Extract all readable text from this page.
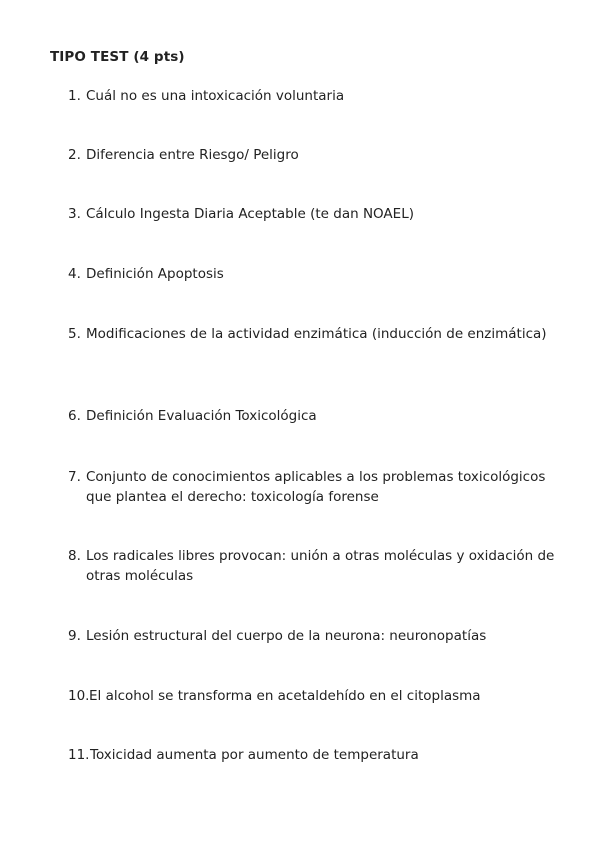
TIPO TEST (4 pts)
1. Cuál no es una intoxicación voluntaria
2. Diferencia entre Riesgo/ Peligro
3. Cálculo Ingesta Diaria Aceptable (te dan NOAEL)
4. Definición Apoptosis
5. Modificaciones de la actividad enzimática (inducción de enzimática)
6. Definición Evaluación Toxicológica
7. Conjunto de conocimientos aplicables a los problemas toxicológicos que plantea el derecho: toxicología forense
8. Los radicales libres provocan: unión a otras moléculas y oxidación de otras moléculas
9. Lesión estructural del cuerpo de la neurona: neuronopatías
10. El alcohol se transforma en acetaldehído en el citoplasma
11. Toxicidad aumenta por aumento de temperatura
